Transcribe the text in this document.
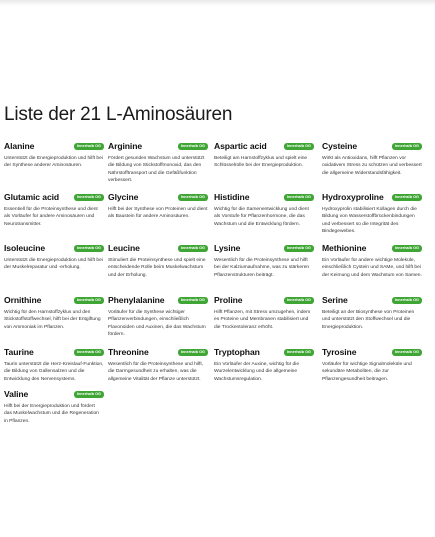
Liste der 21 L-Aminosäuren
Alanine	Innerhalb OG

Unterstützt die Energieproduktion und hilft bei der Synthese anderer Aminosäuren.

Arginine	Innerhalb OG

Fördert gesundes Wachstum und unterstützt die Bildung von Stickstoffmonoxid, das den Nährstofftransport und die Gefäßfunktion verbessert.

Aspartic acid	Innerhalb OG

Beteiligt am Harnstoffzyklus und spielt eine Schlüsselrolle bei der Energieproduktion.

Cysteine	Innerhalb OG

Wirkt als Antioxidans, hilft Pflanzen vor oxidativem Stress zu schützen und verbessert die allgemeine Widerstandsfähigkeit.

Glutamic acid	Innerhalb OG

Essentiell für die Proteinsynthese und dient als Vorläufer für andere Aminosäuren und Neurotransmitter.

Glycine	Innerhalb OG

Hilft bei der Synthese von Proteinen und dient als Baustein für andere Aminosäuren.

Histidine	Innerhalb OG

Wichtig für die Samenentwicklung und dient als Vorstufe für Pflanzenhormone, die das Wachstum und die Entwicklung fördern.

Hydroxyproline	Innerhalb OG

Hydroxyprolin stabilisiert Kollagen durch die Bildung von Wasserstoffbrückenbindungen und verbessert so die Integrität des Bindegewebes.

Isoleucine	Innerhalb OG

Unterstützt die Energieproduktion und hilft bei der Muskelreparatur und -erholung.

Leucine	Innerhalb OG

Stimuliert die Proteinsynthese und spielt eine entscheidende Rolle beim Muskelwachstum und der Erholung.

Lysine	Innerhalb OG

Wesentlich für die Proteinsynthese und hilft bei der Kalziumaufnahme, was zu stärkeren Pflanzenstrukturen beiträgt.

Methionine	Innerhalb OG

Ein Vorläufer für andere wichtige Moleküle, einschließlich Cystein und SAMe, und hilft bei der Keimung und dem Wachstum von Samen.

Ornithine	Innerhalb OG

Wichtig für den Harnstoffzyklus und den Stickstoffstoffwechsel, hilft bei der Entgiftung von Ammoniak im Pflanzen.

Phenylalanine	Innerhalb OG

Vorläufer für die Synthese wichtiger Pflanzenverbindungen, einschließlich Flavonoiden und Auxinen, die das Wachstum fördern.

Proline	Innerhalb OG

Hilft Pflanzen, mit Stress umzugehen, indem es Proteine und Membranen stabilisiert und die Trockentoleranz erhöht.

Serine	Innerhalb OG

Beteiligt an der Biosynthese von Proteinen und unterstützt den Stoffwechsel und die Energieproduktion.

Taurine	Innerhalb OG

Taurin unterstützt die Herz-Kreislauf-Funktion, die Bildung von Gallensalzen und die Entwicklung des Nervensystems.

Threonine	Innerhalb OG

Wesentlich für die Proteinsynthese und hilft, die Darmgesundheit zu erhalten, was die allgemeine Vitalität der Pflanze unterstützt.

Tryptophan	Innerhalb OG

Ein Vorläufer der Auxine, wichtig für die Wurzelentwicklung und die allgemeine Wachstumsregulation.

Tyrosine	Innerhalb OG

Vorläufer für wichtige Signalmoleküle und sekundäre Metaboliten, die zur Pflanzengesundheit beitragen.

Valine	Innerhalb OG

Hilft bei der Energieproduktion und fördert das Muskelwachstum und die Regeneration in Pflanzen.
